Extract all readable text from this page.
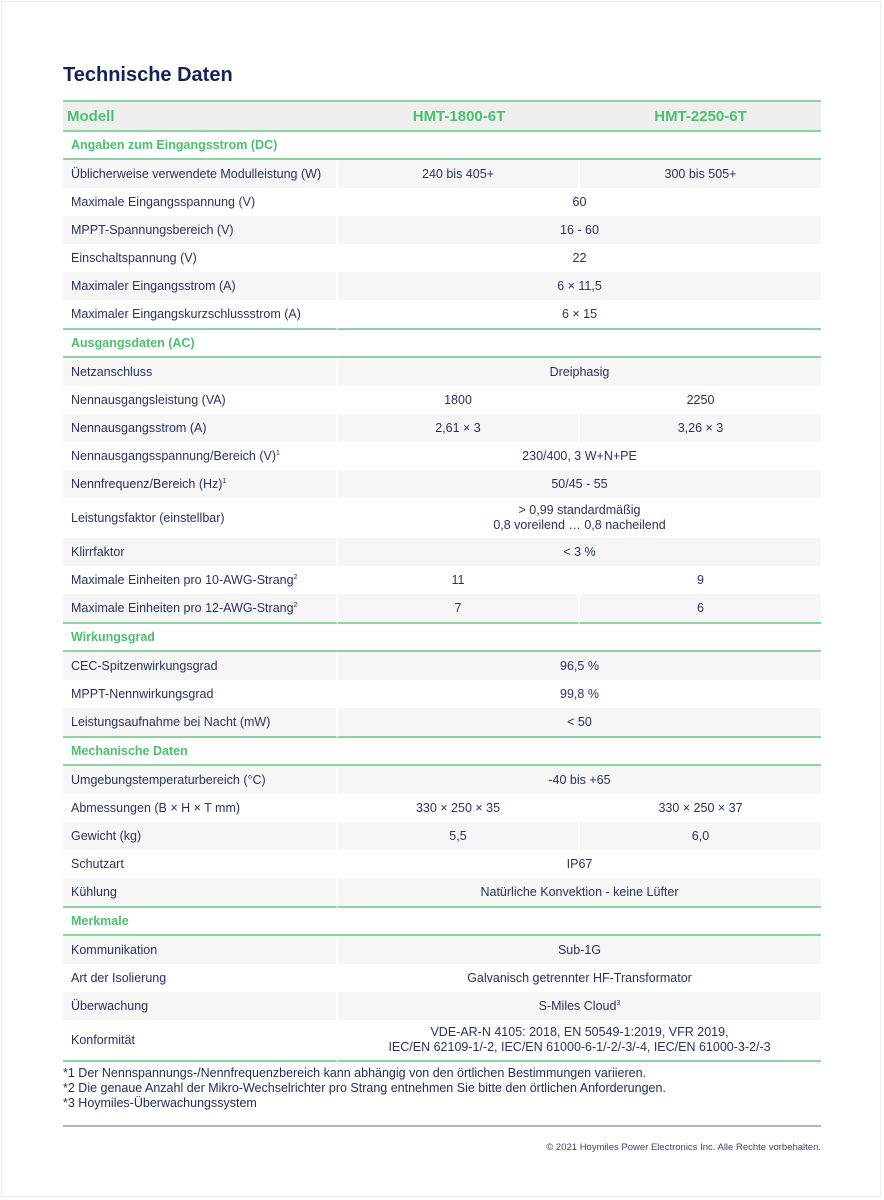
Technische Daten
Modell	HMT-1800-6T	HMT-2250-6T
Angaben zum Eingangsstrom (DC)		
Üblicherweise verwendete Modulleistung (W)	240 bis 405+	300 bis 505+
Maximale Eingangsspannung (V)	60	
MPPT-Spannungsbereich (V)	16 - 60	
Einschaltspannung (V)	22	
Maximaler Eingangsstrom (A)	6 × 11,5	
Maximaler Eingangskurzschlussstrom (A)	6 × 15	
Ausgangsdaten (AC)		
Netzanschluss	Dreiphasig	
Nennausgangsleistung (VA)	1800	2250
Nennausgangsstrom (A)	2,61 × 3	3,26 × 3
Nennausgangsspannung/Bereich $(V)^1$	230/400, 3 W+N+PE	
Nennfrequenz/Bereich $(Hz)^1$	50/45 - 55	
Leistungsfaktor (einstellbar)	> 0,99 standardmäßig
0,8 voreilend … 0,8 nacheilend	
Klirrfaktor	< 3 %	
Maximale Einheiten pro 10-AWG-Strang$^2$	11	9
Maximale Einheiten pro 12-AWG-Strang$^2$	7	6
Wirkungsgrad		
CEC-Spitzenwirkungsgrad	96,5 %	
MPPT-Nennwirkungsgrad	99,8 %	
Leistungsaufnahme bei Nacht (mW)	< 50	
Mechanische Daten		
Umgebungstemperaturbereich (°C)	-40 bis +65	
Abmessungen (B × H × T mm)	330 × 250 × 35	330 × 250 × 37
Gewicht (kg)	5,5	6,0
Schutzart	IP67	
Kühlung	Natürliche Konvektion - keine Lüfter	
Merkmale		
Kommunikation	Sub-1G	
Art der Isolierung	Galvanisch getrennter HF-Transformator	
Überwachung	S-Miles Cloud$^3$
Konformität	VDE-AR-N 4105: 2018, EN 50549-1:2019, VFR 2019,
IEC/EN 62109-1/-2, IEC/EN 61000-6-1/-2/-3/-4, IEC/EN 61000-3-2/-3	
*1 Der Nennspannungs-/Nennfrequenzbereich kann abhängig von den örtlichen Bestimmungen variieren.
*2 Die genaue Anzahl der Mikro-Wechselrichter pro Strang entnehmen Sie bitte den örtlichen Anforderungen.
*3 Hoymiles-Überwachungssystem
© 2021 Hoymiles Power Electronics Inc. Alle Rechte vorbehalten.
